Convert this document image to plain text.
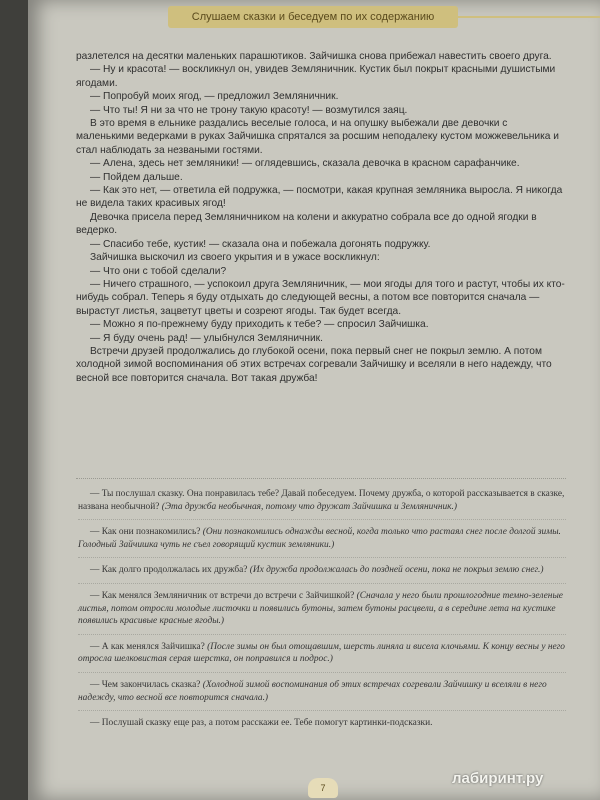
Слушаем сказки и беседуем по их содержанию

разлетелся на десятки маленьких парашютиков. Зайчишка снова прибежал навестить своего друга.

— Ну и красота! — воскликнул он, увидев Земляничник. Кустик был покрыт красными душистыми ягодами.

— Попробуй моих ягод, — предложил Земляничник.

— Что ты! Я ни за что не трону такую красоту! — возмутился заяц.

В это время в ельнике раздались веселые голоса, и на опушку выбежали две девочки с маленькими ведерками в руках Зайчишка спрятался за росшим неподалеку кустом можжевельника и стал наблюдать за незваными гостями.

— Алена, здесь нет земляники! — оглядевшись, сказала девочка в красном сарафанчике.

— Пойдем дальше.

— Как это нет, — ответила ей подружка, — посмотри, какая крупная земляника выросла. Я никогда не видела таких красивых ягод!

Девочка присела перед Земляничником на колени и аккуратно собрала все до одной ягодки в ведерко.

— Спасибо тебе, кустик! — сказала она и побежала догонять подружку.

Зайчишка выскочил из своего укрытия и в ужасе воскликнул:

— Что они с тобой сделали?

— Ничего страшного, — успокоил друга Земляничник, — мои ягоды для того и растут, чтобы их кто-нибудь собрал. Теперь я буду отдыхать до следующей весны, а потом все повторится сначала — вырастут листья, зацветут цветы и созреют ягоды. Так будет всегда.

— Можно я по-прежнему буду приходить к тебе? — спросил Зайчишка.

— Я буду очень рад! — улыбнулся Земляничник.

Встречи друзей продолжались до глубокой осени, пока первый снег не покрыл землю. А потом холодной зимой воспоминания об этих встречах согревали Зайчишку и вселяли в него надежду, что весной все повторится сначала. Вот такая дружба!

— Ты послушал сказку. Она понравилась тебе? Давай побеседуем. Почему дружба, о которой рассказывается в сказке, названа необычной? (Эта дружба необычная, потому что дружат Зайчишка и Земляничник.)

— Как они познакомились? (Они познакомились однажды весной, когда только что растаял снег после долгой зимы. Голодный Зайчишка чуть не съел говорящий кустик земляники.)

— Как долго продолжалась их дружба? (Их дружба продолжалась до поздней осени, пока не покрыл землю снег.)

— Как менялся Земляничник от встречи до встречи с Зайчишкой? (Сначала у него были прошлогодние темно-зеленые листья, потом отросли молодые листочки и появились бутоны, затем бутоны расцвели, а в середине лета на кустике появились красивые красные ягоды.)

— А как менялся Зайчишка? (После зимы он был отощавшим, шерсть линяла и висела клочьями. К концу весны у него отросла шелковистая серая шерстка, он поправился и подрос.)

— Чем закончилась сказка? (Холодной зимой воспоминания об этих встречах согревали Зайчишку и вселяли в него надежду, что весной все повторится сначала.)

— Послушай сказку еще раз, а потом расскажи ее. Тебе помогут картинки-подсказки.

7
лабиринт.ру
